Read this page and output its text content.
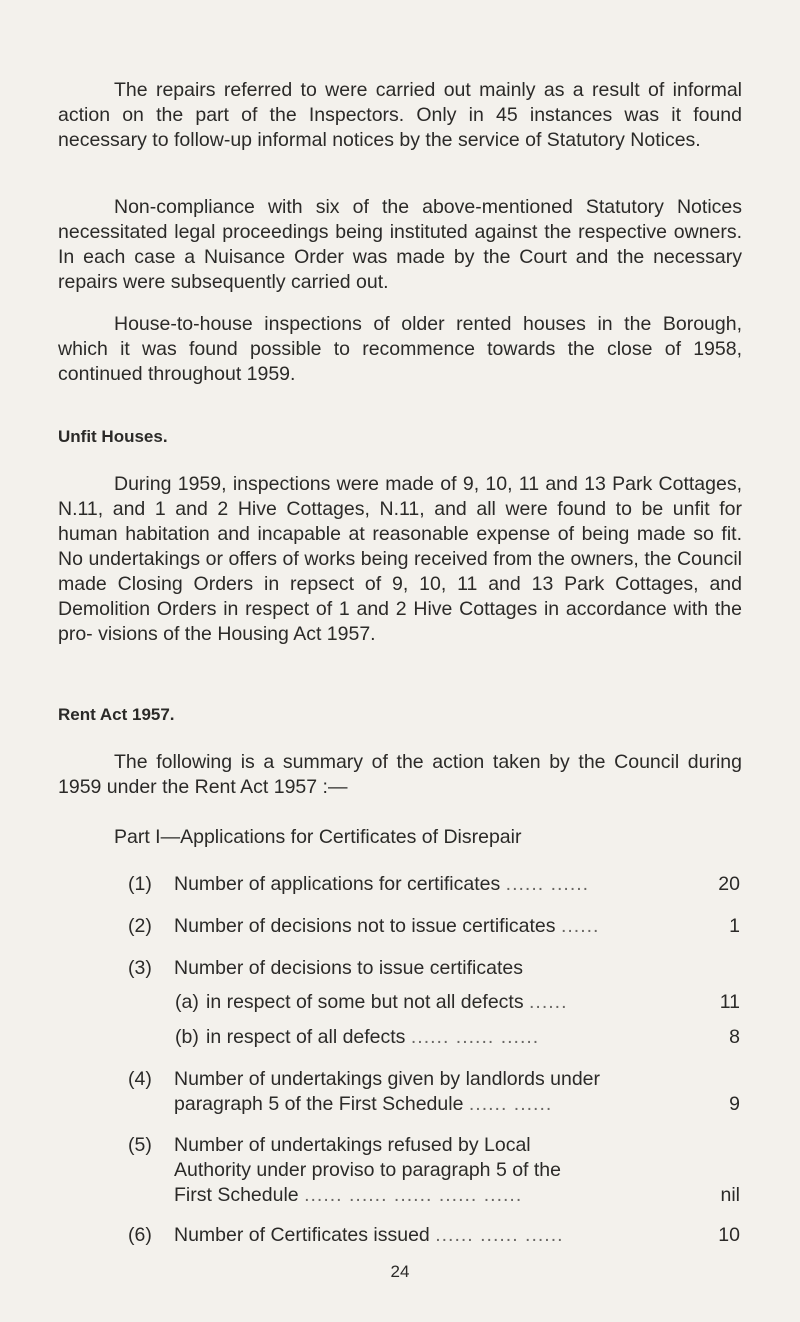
The repairs referred to were carried out mainly as a result of informal action on the part of the Inspectors. Only in 45 instances was it found necessary to follow-up informal notices by the service of Statutory Notices.

Non-compliance with six of the above-mentioned Statutory Notices necessitated legal proceedings being instituted against the respective owners. In each case a Nuisance Order was made by the Court and the necessary repairs were subsequently carried out.

House-to-house inspections of older rented houses in the Borough, which it was found possible to recommence towards the close of 1958, continued throughout 1959.

Unfit Houses.

During 1959, inspections were made of 9, 10, 11 and 13 Park Cottages, N.11, and 1 and 2 Hive Cottages, N.11, and all were found to be unfit for human habitation and incapable at reasonable expense of being made so fit. No undertakings or offers of works being received from the owners, the Council made Closing Orders in repsect of 9, 10, 11 and 13 Park Cottages, and Demolition Orders in respect of 1 and 2 Hive Cottages in accordance with the pro- visions of the Housing Act 1957.

Rent Act 1957.

The following is a summary of the action taken by the Council during 1959 under the Rent Act 1957 :—

Part I—Applications for Certificates of Disrepair

(1)	Number of applications for certificates ...... ......	20
(2)	Number of decisions not to issue certificates ......	1
(3)	Number of decisions to issue certificates
(a) in respect of some but not all defects ......	11
(b) in respect of all defects ...... ...... ......	8
(4)	Number of undertakings given by landlords under
paragraph 5 of the First Schedule ...... ......	9
(5)	Number of undertakings refused by Local
Authority under proviso to paragraph 5 of the
First Schedule ...... ...... ...... ...... ......	nil
(6)	Number of Certificates issued ...... ...... ......	10
24
